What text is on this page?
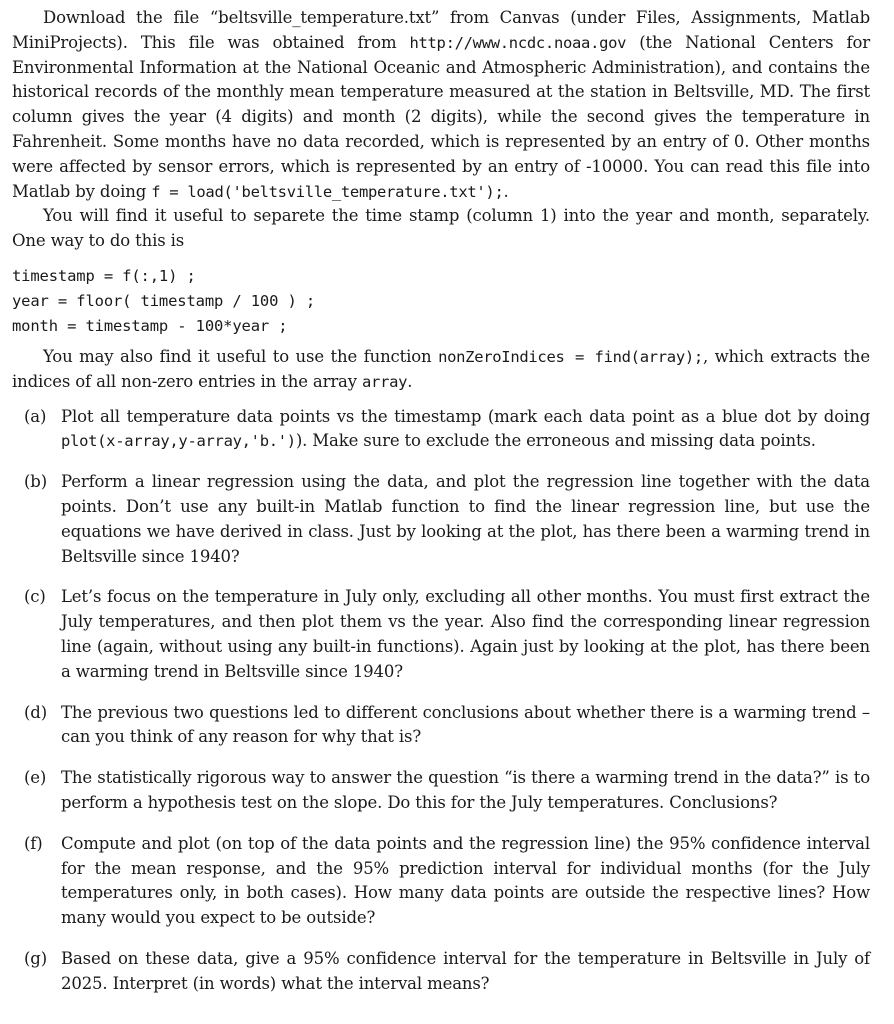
Download the file “beltsville_temperature.txt” from Canvas (under Files, Assignments, Matlab MiniProjects). This file was obtained from http://www.ncdc.noaa.gov (the National Centers for Environmental Information at the National Oceanic and Atmospheric Administration), and contains the historical records of the monthly mean temperature measured at the station in Beltsville, MD. The first column gives the year (4 digits) and month (2 digits), while the second gives the temperature in Fahrenheit. Some months have no data recorded, which is represented by an entry of 0. Other months were affected by sensor errors, which is represented by an entry of -10000. You can read this file into Matlab by doing f = load('beltsville_temperature.txt');.

You will find it useful to separete the time stamp (column 1) into the year and month, separately. One way to do this is

timestamp = f(:,1) ;
year = floor( timestamp / 100 ) ;
month = timestamp - 100*year ;

You may also find it useful to use the function nonZeroIndices = find(array);, which extracts the indices of all non-zero entries in the array array.

(a) Plot all temperature data points vs the timestamp (mark each data point as a blue dot by doing plot(x-array,y-array,'b.')). Make sure to exclude the erroneous and missing data points.
(b) Perform a linear regression using the data, and plot the regression line together with the data points. Don’t use any built-in Matlab function to find the linear regression line, but use the equations we have derived in class. Just by looking at the plot, has there been a warming trend in Beltsville since 1940?
(c) Let’s focus on the temperature in July only, excluding all other months. You must first extract the July temperatures, and then plot them vs the year. Also find the corresponding linear regression line (again, without using any built-in functions). Again just by looking at the plot, has there been a warming trend in Beltsville since 1940?
(d) The previous two questions led to different conclusions about whether there is a warming trend – can you think of any reason for why that is?
(e) The statistically rigorous way to answer the question “is there a warming trend in the data?” is to perform a hypothesis test on the slope. Do this for the July temperatures. Conclusions?
(f) Compute and plot (on top of the data points and the regression line) the 95% confidence interval for the mean response, and the 95% prediction interval for individual months (for the July temperatures only, in both cases). How many data points are outside the respective lines? How many would you expect to be outside?
(g) Based on these data, give a 95% confidence interval for the temperature in Beltsville in July of 2025. Interpret (in words) what the interval means?
